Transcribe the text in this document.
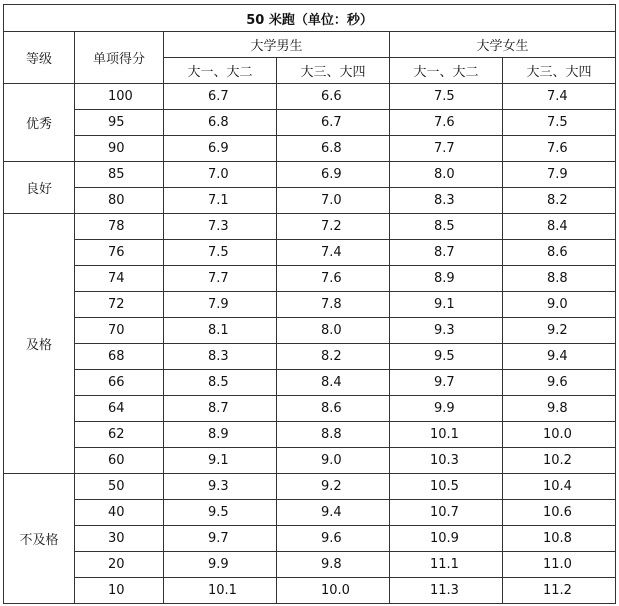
50 米跑（单位：秒）					
等级	单项得分	大学男生		大学女生	
		大一、大二	大三、大四	大一、大二	大三、大四
优秀	100	6.7	6.6	7.5	7.4
	95	6.8	6.7	7.6	7.5
	90	6.9	6.8	7.7	7.6
良好	85	7.0	6.9	8.0	7.9
	80	7.1	7.0	8.3	8.2
及格	78	7.3	7.2	8.5	8.4
	76	7.5	7.4	8.7	8.6
	74	7.7	7.6	8.9	8.8
	72	7.9	7.8	9.1	9.0
	70	8.1	8.0	9.3	9.2
	68	8.3	8.2	9.5	9.4
	66	8.5	8.4	9.7	9.6
	64	8.7	8.6	9.9	9.8
	62	8.9	8.8	10.1	10.0
	60	9.1	9.0	10.3	10.2
不及格	50	9.3	9.2	10.5	10.4
	40	9.5	9.4	10.7	10.6
	30	9.7	9.6	10.9	10.8
	20	9.9	9.8	11.1	11.0
	10	10.1	10.0	11.3	11.2
